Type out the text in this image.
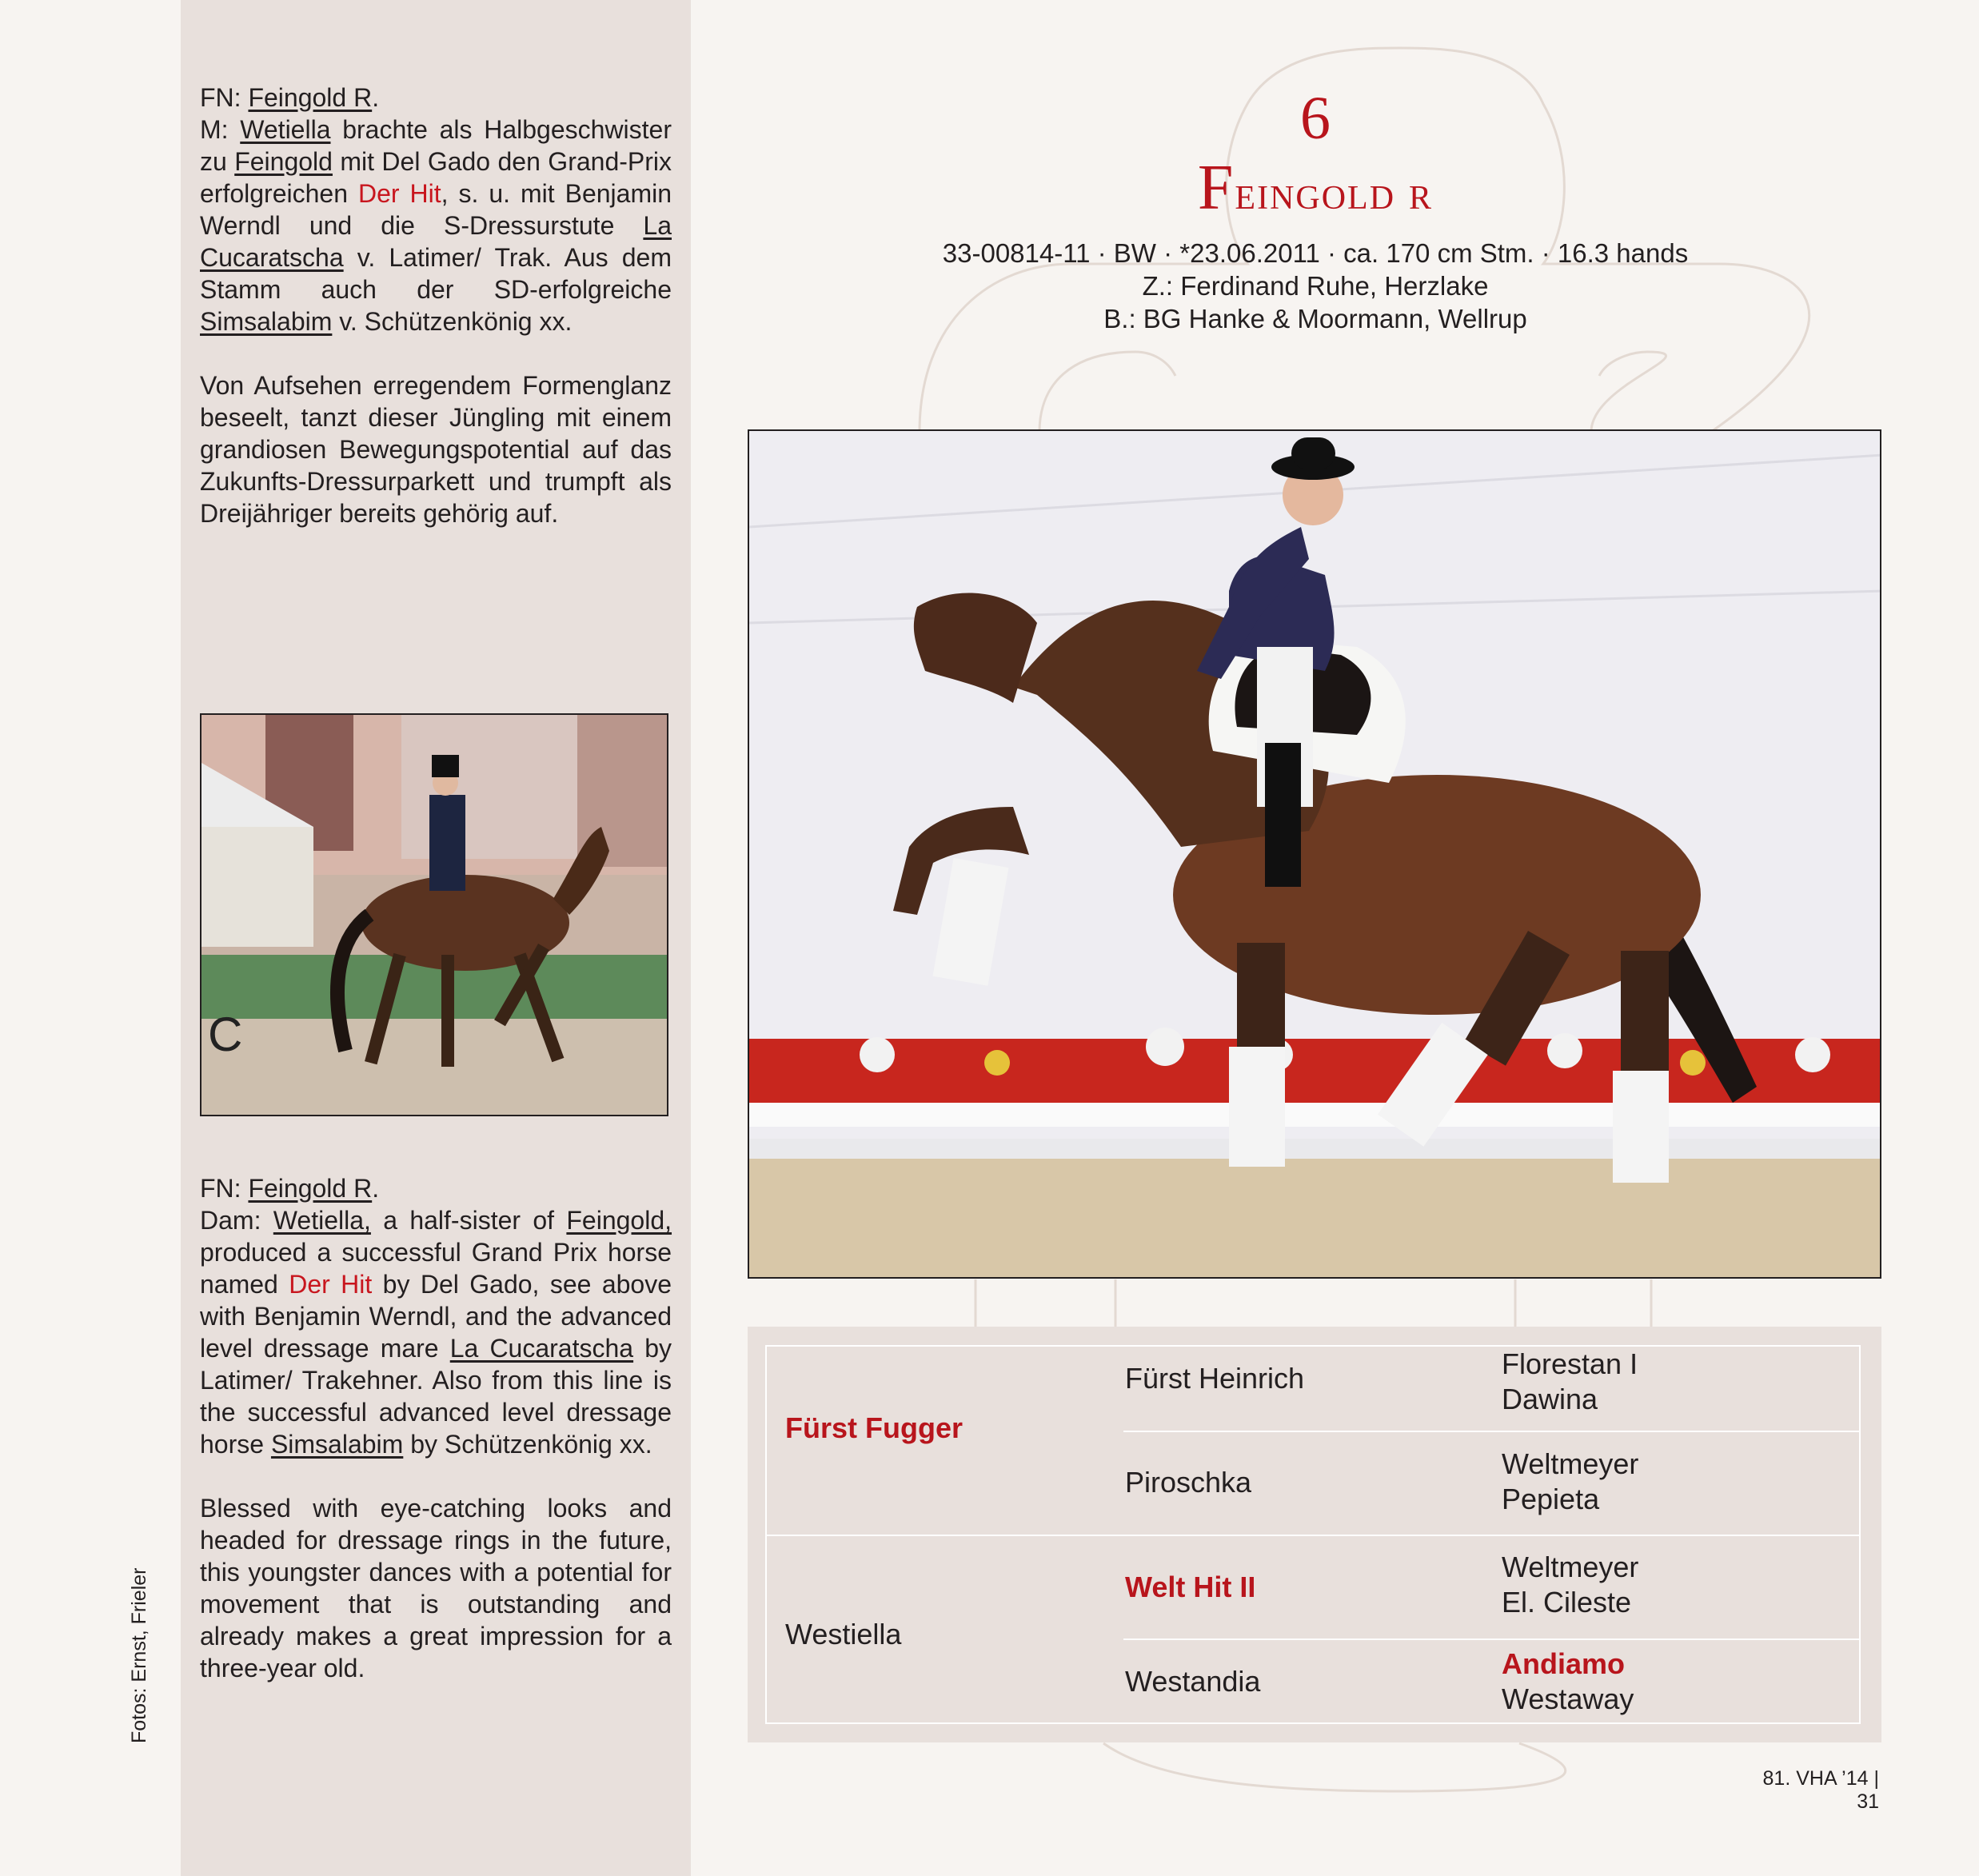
FN: Feingold R.
M: Wetiella brachte als Halbgeschwister zu Feingold mit Del Gado den Grand-Prix erfolgreichen Der Hit, s. u. mit Benjamin Werndl und die S-Dressurstute La Cucaratscha v. Latimer/ Trak. Aus dem Stamm auch der SD-erfolgreiche Simsalabim v. Schützenkönig xx.

Von Aufsehen erregendem Formenglanz beseelt, tanzt dieser Jüngling mit einem grandiosen Bewegungspotential auf das Zukunfts-Dressurparkett und trumpft als Dreijähriger bereits gehörig auf.

C

FN: Feingold R.
Dam: Wetiella, a half-sister of Feingold, produced a successful Grand Prix horse named Der Hit by Del Gado, see above with Benjamin Werndl, and the advanced level dressage mare La Cucaratscha by Latimer/ Trakehner. Also from this line is the successful advanced level dressage horse Simsalabim by Schützenkönig xx.

Blessed with eye-catching looks and headed for dressage rings in the future, this youngster dances with a potential for movement that is outstanding and already makes a great impression for a three-year old.

Fotos: Ernst, Frieler
6
Feingold r
33-00814-11 · BW · *23.06.2011 · ca. 170 cm Stm. · 16.3 hands
Z.: Ferdinand Ruhe, Herzlake
B.: BG Hanke & Moormann, Wellrup
Fürst Fugger
Westiella
Fürst Heinrich
Piroschka
Welt Hit II
Westandia
Florestan I
Dawina
Weltmeyer
Pepieta
Weltmeyer
El. Cileste
Andiamo
Westaway
81. VHA ’14 | 31
